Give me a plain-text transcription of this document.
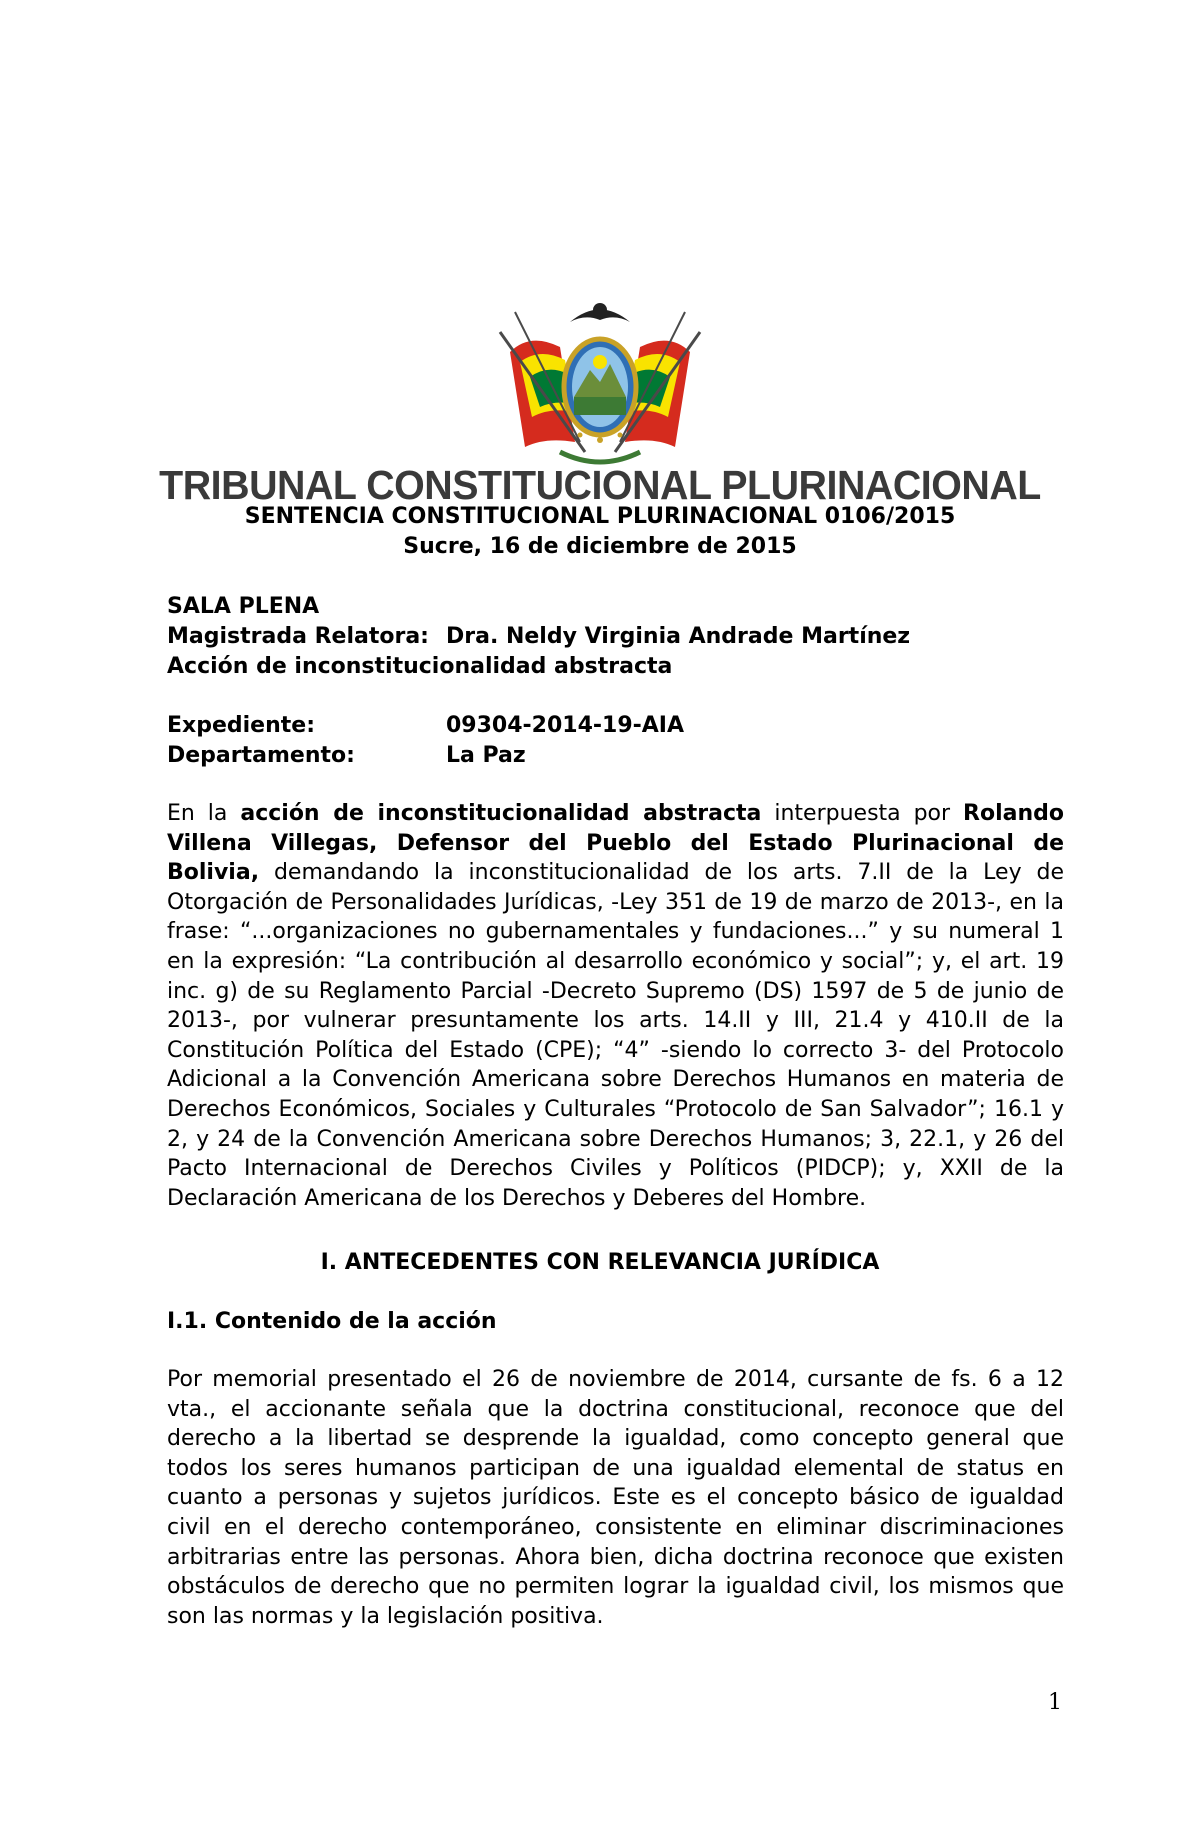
TRIBUNAL CONSTITUCIONAL PLURINACIONAL
SENTENCIA CONSTITUCIONAL PLURINACIONAL 0106/2015
Sucre, 16 de diciembre de 2015
SALA PLENA
Magistrada Relatora: Dra. Neldy Virginia Andrade Martínez
Acción de inconstitucionalidad abstracta
Expediente:	09304-2014-19-AIA
Departamento:	La Paz
En la acción de inconstitucionalidad abstracta interpuesta por Rolando Villena Villegas, Defensor del Pueblo del Estado Plurinacional de Bolivia, demandando la inconstitucionalidad de los arts. 7.II de la Ley de Otorgación de Personalidades Jurídicas, -Ley 351 de 19 de marzo de 2013-, en la frase: “...organizaciones no gubernamentales y fundaciones...” y su numeral 1 en la expresión: “La contribución al desarrollo económico y social”; y, el art. 19 inc. g) de su Reglamento Parcial -Decreto Supremo (DS) 1597 de 5 de junio de 2013-, por vulnerar presuntamente los arts. 14.II y III, 21.4 y 410.II de la Constitución Política del Estado (CPE); “4” -siendo lo correcto 3- del Protocolo Adicional a la Convención Americana sobre Derechos Humanos en materia de Derechos Económicos, Sociales y Culturales “Protocolo de San Salvador”; 16.1 y 2, y 24 de la Convención Americana sobre Derechos Humanos; 3, 22.1, y 26 del Pacto Internacional de Derechos Civiles y Políticos (PIDCP); y, XXII de la Declaración Americana de los Derechos y Deberes del Hombre.
I. ANTECEDENTES CON RELEVANCIA JURÍDICA
I.1. Contenido de la acción
Por memorial presentado el 26 de noviembre de 2014, cursante de fs. 6 a 12 vta., el accionante señala que la doctrina constitucional, reconoce que del derecho a la libertad se desprende la igualdad, como concepto general que todos los seres humanos participan de una igualdad elemental de status en cuanto a personas y sujetos jurídicos. Este es el concepto básico de igualdad civil en el derecho contemporáneo, consistente en eliminar discriminaciones arbitrarias entre las personas. Ahora bien, dicha doctrina reconoce que existen obstáculos de derecho que no permiten lograr la igualdad civil, los mismos que son las normas y la legislación positiva.
1
